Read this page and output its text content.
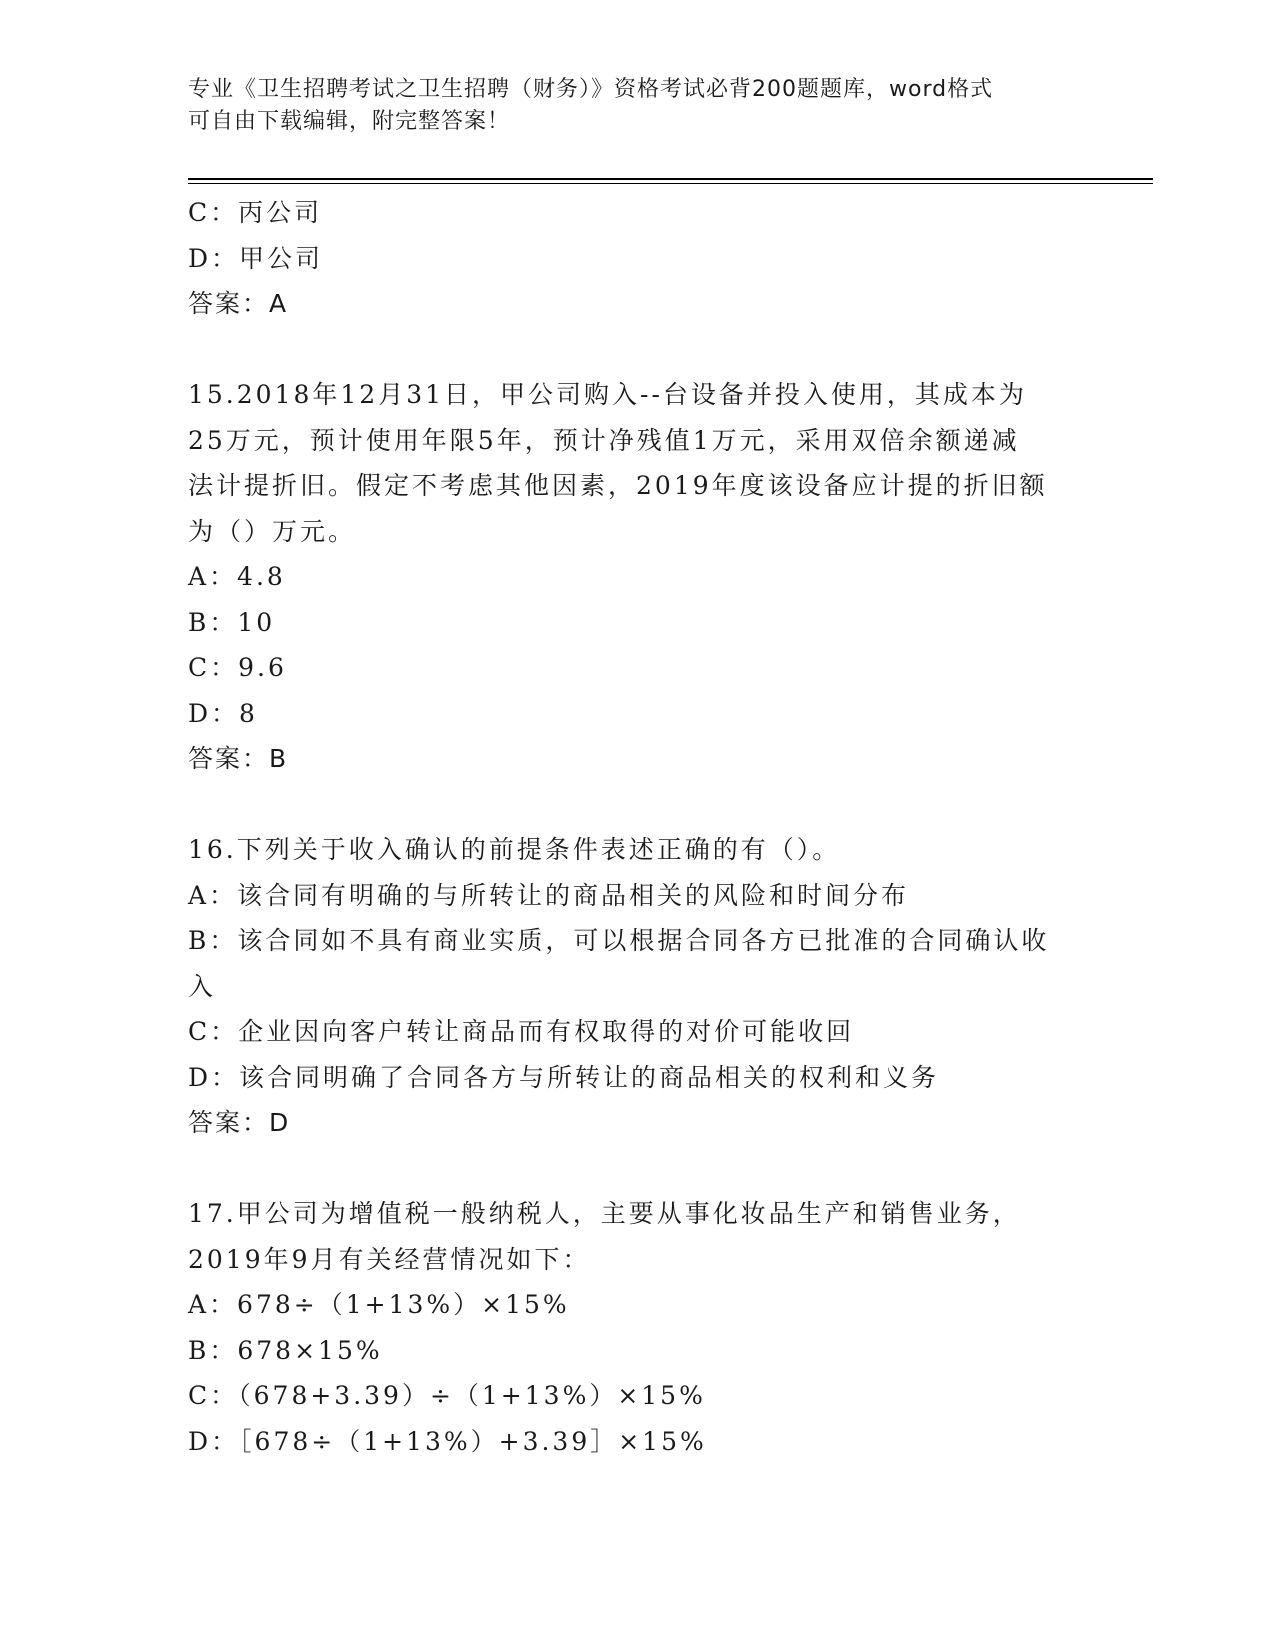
专业《卫生招聘考试之卫生招聘（财务）》资格考试必背200题题库，word格式
可自由下载编辑，附完整答案！
C：丙公司
D：甲公司
答案：A
15.2018年12月31日，甲公司购入--台设备并投入使用，其成本为
25万元，预计使用年限5年，预计净残值1万元，采用双倍余额递减
法计提折旧。假定不考虑其他因素，2019年度该设备应计提的折旧额
为（）万元。
A：4.8
B：10
C：9.6
D：8
答案：B
16.下列关于收入确认的前提条件表述正确的有（）。
A：该合同有明确的与所转让的商品相关的风险和时间分布
B：该合同如不具有商业实质，可以根据合同各方已批准的合同确认收
入
C：企业因向客户转让商品而有权取得的对价可能收回
D：该合同明确了合同各方与所转让的商品相关的权利和义务
答案：D
17.甲公司为增值税一般纳税人，主要从事化妆品生产和销售业务，
2019年9月有关经营情况如下：
A：678÷（1+13%）×15%
B：678×15%
C：（678+3.39）÷（1+13%）×15%
D：［678÷（1+13%）+3.39］×15%
